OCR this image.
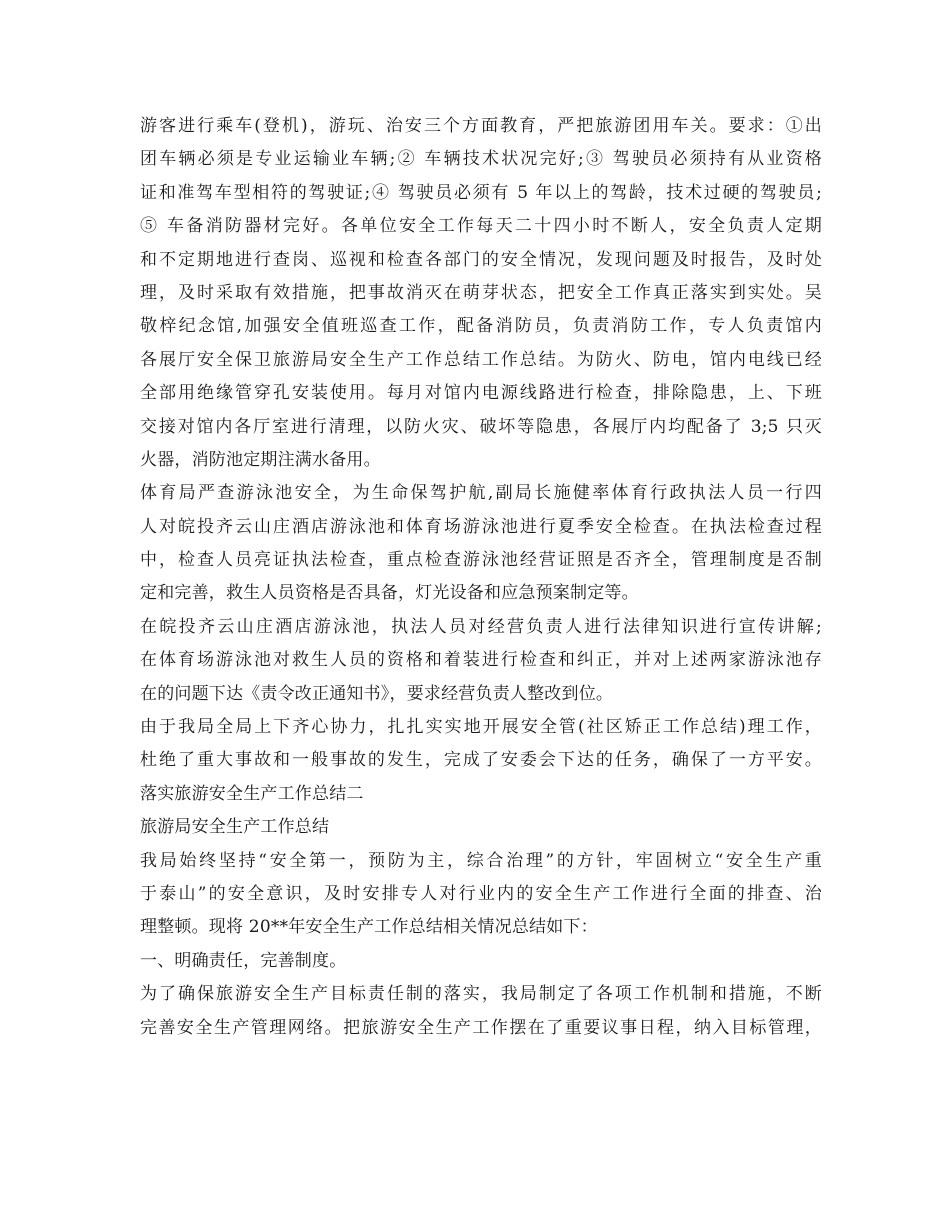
游客进行乘车(登机)，游玩、治安三个方面教育，严把旅游团用车关。要求：①出
团车辆必须是专业运输业车辆;② 车辆技术状况完好;③ 驾驶员必须持有从业资格
证和准驾车型相符的驾驶证;④ 驾驶员必须有 5 年以上的驾龄，技术过硬的驾驶员;
⑤ 车备消防器材完好。各单位安全工作每天二十四小时不断人，安全负责人定期
和不定期地进行查岗、巡视和检查各部门的安全情况，发现问题及时报告，及时处
理，及时采取有效措施，把事故消灭在萌芽状态，把安全工作真正落实到实处。吴
敬梓纪念馆,加强安全值班巡查工作，配备消防员，负责消防工作，专人负责馆内
各展厅安全保卫旅游局安全生产工作总结工作总结。为防火、防电，馆内电线已经
全部用绝缘管穿孔安装使用。每月对馆内电源线路进行检查，排除隐患，上、下班
交接对馆内各厅室进行清理，以防火灾、破坏等隐患，各展厅内均配备了 3;5 只灭
火器，消防池定期注满水备用。
体育局严查游泳池安全，为生命保驾护航,副局长施健率体育行政执法人员一行四
人对皖投齐云山庄酒店游泳池和体育场游泳池进行夏季安全检查。在执法检查过程
中，检查人员亮证执法检查，重点检查游泳池经营证照是否齐全，管理制度是否制
定和完善，救生人员资格是否具备，灯光设备和应急预案制定等。
在皖投齐云山庄酒店游泳池，执法人员对经营负责人进行法律知识进行宣传讲解;
在体育场游泳池对救生人员的资格和着装进行检查和纠正，并对上述两家游泳池存
在的问题下达《责令改正通知书》，要求经营负责人整改到位。
由于我局全局上下齐心协力，扎扎实实地开展安全管(社区矫正工作总结)理工作，
杜绝了重大事故和一般事故的发生，完成了安委会下达的任务，确保了一方平安。
落实旅游安全生产工作总结二
旅游局安全生产工作总结
我局始终坚持“安全第一，预防为主，综合治理”的方针，牢固树立“安全生产重
于泰山”的安全意识，及时安排专人对行业内的安全生产工作进行全面的排查、治
理整顿。现将 20**年安全生产工作总结相关情况总结如下：
一、明确责任，完善制度。
为了确保旅游安全生产目标责任制的落实，我局制定了各项工作机制和措施，不断
完善安全生产管理网络。把旅游安全生产工作摆在了重要议事日程，纳入目标管理，
